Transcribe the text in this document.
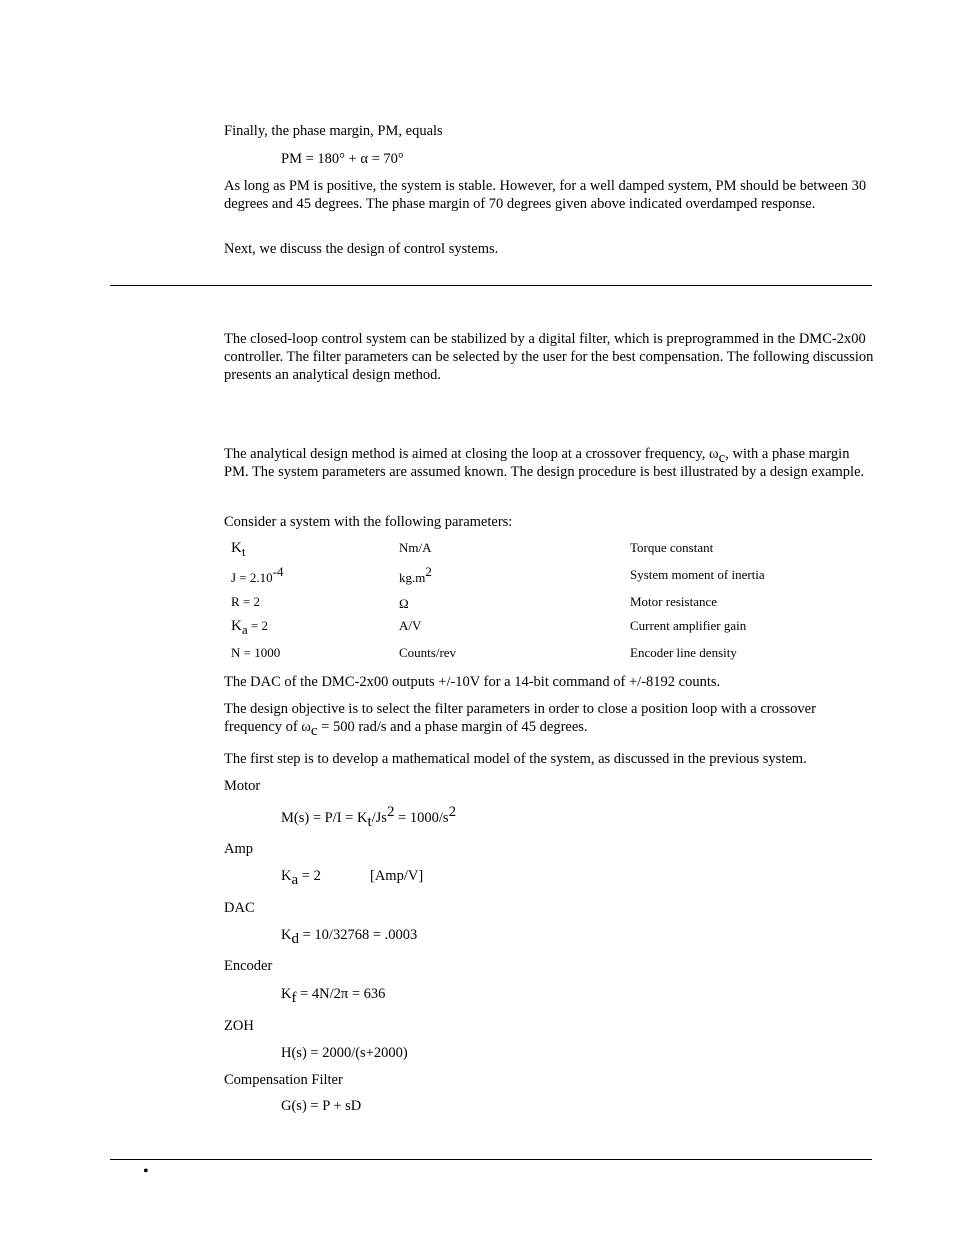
Finally, the phase margin, PM, equals

PM = 180° + α = 70°

As long as PM is positive, the system is stable. However, for a well damped system, PM should be between 30 degrees and 45 degrees. The phase margin of 70 degrees given above indicated overdamped response.

Next, we discuss the design of control systems.

The closed-loop control system can be stabilized by a digital filter, which is preprogrammed in the DMC-2x00 controller. The filter parameters can be selected by the user for the best compensation. The following discussion presents an analytical design method.

The analytical design method is aimed at closing the loop at a crossover frequency, $\omega_c$, with a phase margin PM. The system parameters are assumed known. The design procedure is best illustrated by a design example.

Consider a system with the following parameters:

$K_t$	Nm/A	Torque constant
$J = 2.10^{-4}$	$kg.m^2$	System moment of inertia
R = 2	Ω	Motor resistance
$K_a = 2$	A/V	Current amplifier gain
N = 1000	Counts/rev	Encoder line density

The DAC of the DMC-2x00 outputs +/-10V for a 14-bit command of +/-8192 counts.

The design objective is to select the filter parameters in order to close a position loop with a crossover frequency of $\omega_c = 500$ rad/s and a phase margin of 45 degrees.

The first step is to develop a mathematical model of the system, as discussed in the previous system.

Motor

$M(s) = P/I = K_t/Js^2 = 1000/s^2$

Amp

$K_a = 2$	[Amp/V]

DAC

$K_d = 10/32768 = .0003$

Encoder

$K_f = 4N/2\pi = 636$

ZOH

H(s) = 2000/(s+2000)

Compensation Filter

G(s) = P + sD

•
